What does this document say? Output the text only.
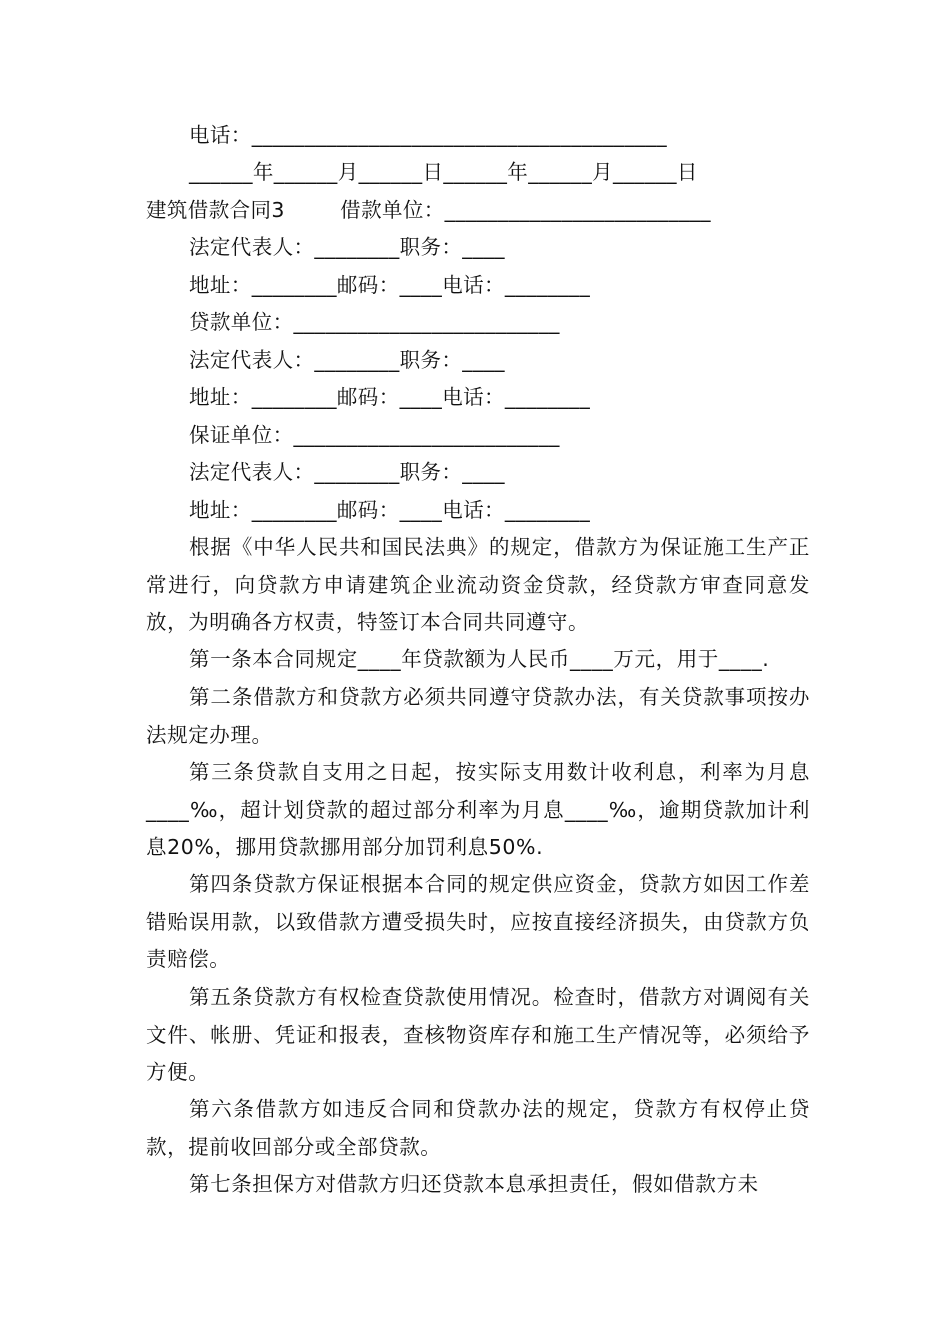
电话：_______________________________________
______年______月______日______年______月______日
建筑借款合同3        借款单位：_________________________
法定代表人：________职务：____
地址：________邮码：____电话：________
贷款单位：_________________________
法定代表人：________职务：____
地址：________邮码：____电话：________
保证单位：_________________________
法定代表人：________职务：____
地址：________邮码：____电话：________

根据《中华人民共和国民法典》的规定，借款方为保证施工生产正常进行，向贷款方申请建筑企业流动资金贷款，经贷款方审查同意发放，为明确各方权责，特签订本合同共同遵守。

第一条本合同规定____年贷款额为人民币____万元，用于____.

第二条借款方和贷款方必须共同遵守贷款办法，有关贷款事项按办法规定办理。

第三条贷款自支用之日起，按实际支用数计收利息，利率为月息____‰，超计划贷款的超过部分利率为月息____‰，逾期贷款加计利息20%，挪用贷款挪用部分加罚利息50%.

第四条贷款方保证根据本合同的规定供应资金，贷款方如因工作差错贻误用款，以致借款方遭受损失时，应按直接经济损失，由贷款方负责赔偿。

第五条贷款方有权检查贷款使用情况。检查时，借款方对调阅有关文件、帐册、凭证和报表，查核物资库存和施工生产情况等，必须给予方便。

第六条借款方如违反合同和贷款办法的规定，贷款方有权停止贷款，提前收回部分或全部贷款。

第七条担保方对借款方归还贷款本息承担责任，假如借款方未
